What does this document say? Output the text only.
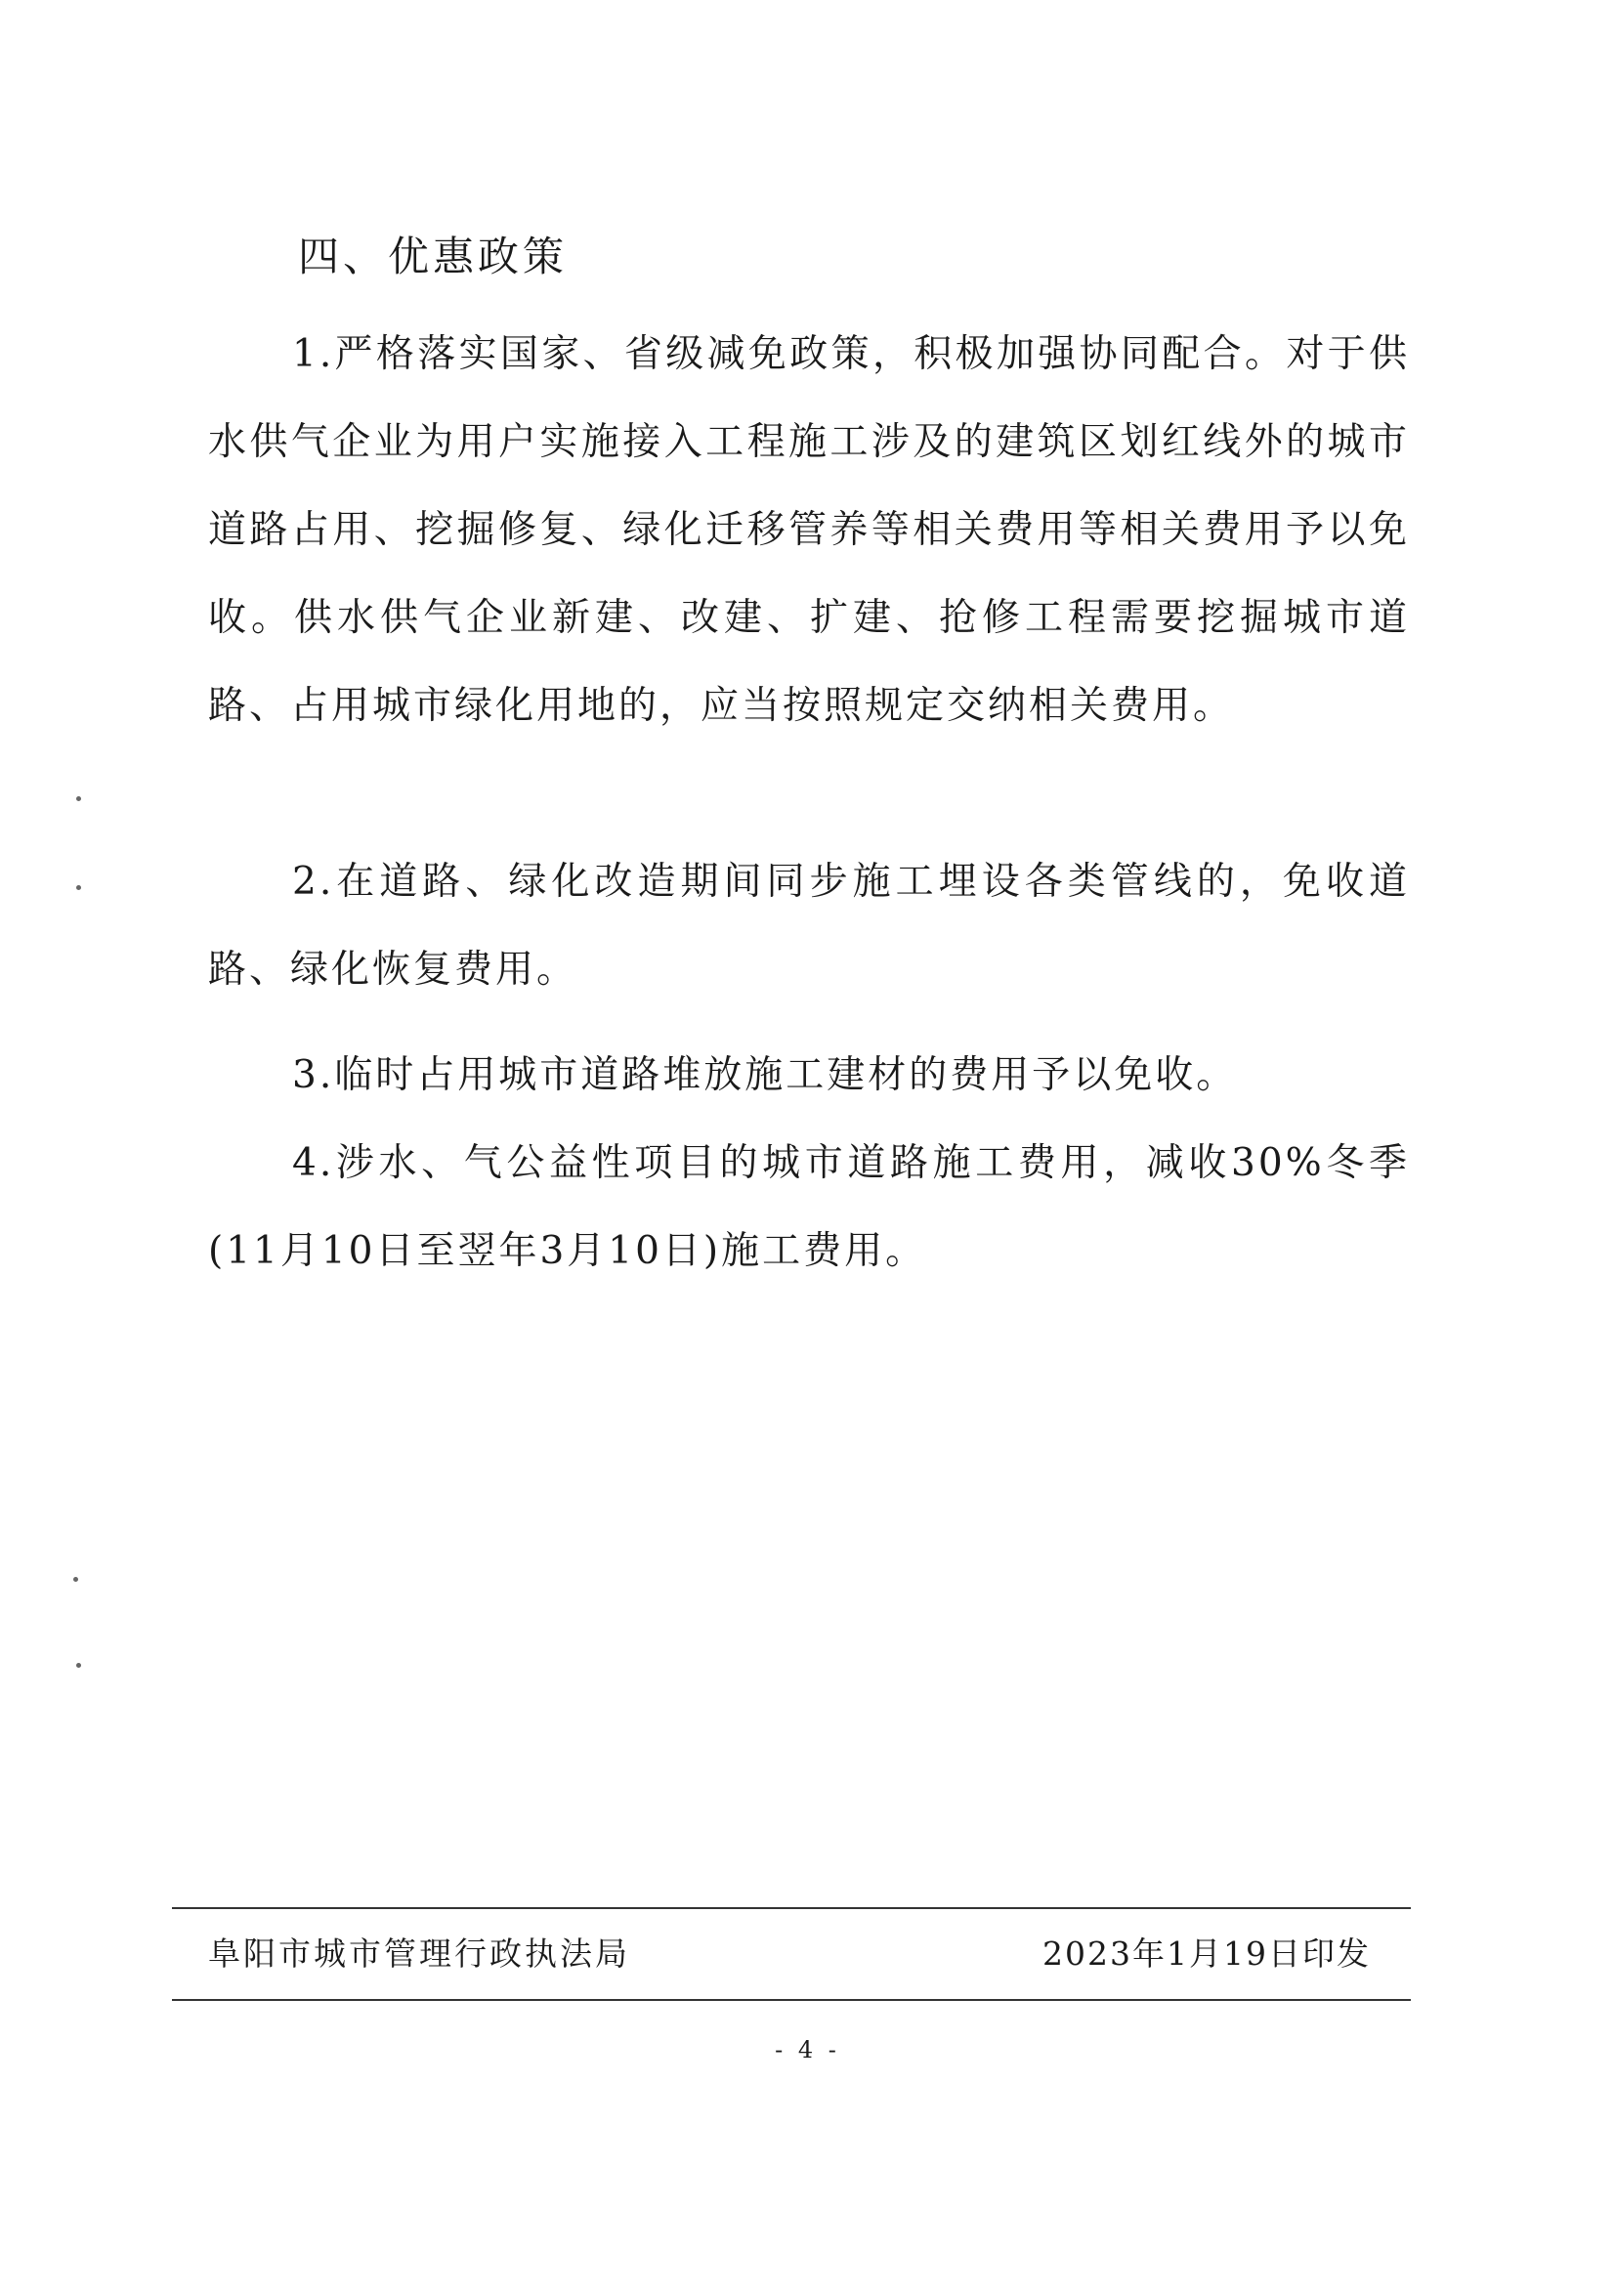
四、优惠政策
1.严格落实国家、省级减免政策，积极加强协同配合。对于供水供气企业为用户实施接入工程施工涉及的建筑区划红线外的城市道路占用、挖掘修复、绿化迁移管养等相关费用等相关费用予以免收。供水供气企业新建、改建、扩建、抢修工程需要挖掘城市道路、占用城市绿化用地的，应当按照规定交纳相关费用。
2.在道路、绿化改造期间同步施工埋设各类管线的，免收道路、绿化恢复费用。
3.临时占用城市道路堆放施工建材的费用予以免收。
4.涉水、气公益性项目的城市道路施工费用，减收30%冬季(11月10日至翌年3月10日)施工费用。
阜阳市城市管理行政执法局	2023年1月19日印发
- 4 -
